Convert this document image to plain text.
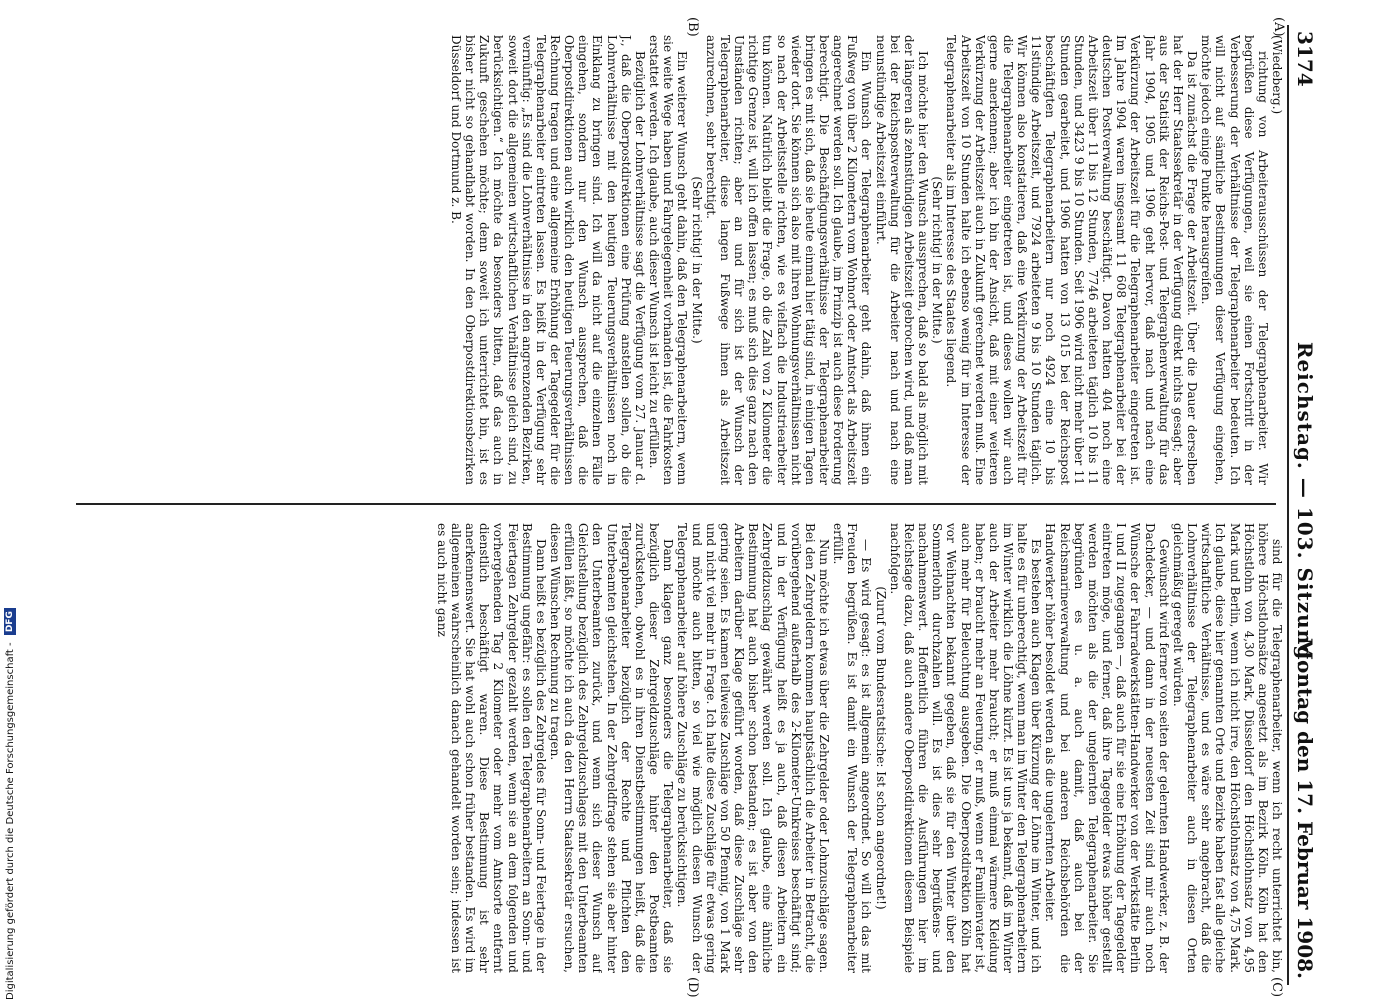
3174
Reichstag. — 103. Sitzung.
Montag den 17. Februar 1908.
(A)
(B)
(C)
(D)

(Wiedeberg.)

richtung von Arbeiterausschüssen der Telegraphenarbeiter. Wir begrüßen diese Verfügungen, weil sie einen Fortschritt in der Verbesserung der Verhältnisse der Telegraphenarbeiter bedeuten. Ich will nicht auf sämtliche Bestimmungen dieser Verfügung eingehen, möchte jedoch einige Punkte herausgreifen.

Da ist zunächst die Frage der Arbeitszeit. Über die Dauer derselben hat der Herr Staatssekretär in der Verfügung direkt nichts gesagt; aber aus der Statistik der Reichs-Post- und Telegraphenverwaltung für das Jahr 1904, 1905 und 1906 geht hervor, daß nach und nach eine Verkürzung der Arbeitszeit für die Telegraphenarbeiter eingetreten ist. Im Jahre 1904 waren insgesamt 11 608 Telegraphenarbeiter bei der deutschen Postverwaltung beschäftigt. Davon hatten 404 noch eine Arbeitszeit über 11 bis 12 Stunden, 7746 arbeiteten täglich 10 bis 11 Stunden, und 3423 9 bis 10 Stunden. Seit 1906 wird nicht mehr über 11 Stunden gearbeitet, und 1906 hatten von 13 015 bei der Reichspost beschäftigten Telegraphenarbeitern nur noch 4924 eine 10 bis 11stündige Arbeitszeit, und 7924 arbeiteten 9 bis 10 Stunden täglich. Wir können also konstatieren, daß eine Verkürzung der Arbeitszeit für die Telegraphenarbeiter eingetreten ist, und dieses wollen wir auch gerne anerkennen; aber ich bin der Ansicht, daß mit einer weiteren Verkürzung der Arbeitszeit auch in Zukunft gerechnet werden muß. Eine Arbeitszeit von 10 Stunden halte ich ebenso wenig für im Interesse der Telegraphenarbeiter als im Interesse des Staates liegend.

(Sehr richtig! in der Mitte.)

Ich möchte hier den Wunsch aussprechen, daß so bald als möglich mit der längeren als zehnstündigen Arbeitszeit gebrochen wird, und daß man bei der Reichspostverwaltung für die Arbeiter nach und nach eine neunstündige Arbeitszeit einführt.

Ein Wunsch der Telegraphenarbeiter geht dahin, daß ihnen ein Fußweg von über 2 Kilometern vom Wohnort oder Amtsort als Arbeitszeit angerechnet werden soll. Ich glaube, im Prinzip ist auch diese Forderung berechtigt. Die Beschäftigungsverhältnisse der Telegraphenarbeiter bringen es mit sich, daß sie heute einmal hier tätig sind, in einigen Tagen wieder dort. Sie können sich also mit ihren Wohnungsverhältnissen nicht so nach der Arbeitsstelle richten, wie es vielfach die Industriearbeiter tun können. Natürlich bleibt die Frage, ob die Zahl von 2 Kilometer die richtige Grenze ist, will ich offen lassen; es muß sich dies ganz nach den Umständen richten; aber an und für sich ist der Wunsch der Telegraphenarbeiter, diese langen Fußwege ihnen als Arbeitszeit anzurechnen, sehr berechtigt.

(Sehr richtig! in der Mitte.)

Ein weiterer Wunsch geht dahin, daß den Telegraphenarbeitern, wenn sie weite Wege haben und Fahrgelegenheit vorhanden ist, die Fahrkosten erstattet werden. Ich glaube, auch dieser Wunsch ist leicht zu erfüllen.

Bezüglich der Lohnverhältnisse sagt die Verfügung vom 27. Januar d. J., daß die Oberpostdirektionen eine Prüfung anstellen sollen, ob die Lohnverhältnisse mit den heutigen Teuerungsverhältnissen noch in Einklang zu bringen sind. Ich will da nicht auf die einzelnen Fälle eingehen, sondern nur den Wunsch aussprechen, daß die Oberpostdirektionen auch wirklich den heutigen Teuerungsverhältnissen Rechnung tragen und eine allgemeine Erhöhung der Tagegelder für die Telegraphenarbeiter eintreten lassen. Es heißt in der Verfügung sehr vernünftig: „Es sind die Lohnverhältnisse in den angrenzenden Bezirken, soweit dort die allgemeinen wirtschaftlichen Verhältnisse gleich sind, zu berücksichtigen.“ Ich möchte da besonders bitten, daß das auch in Zukunft geschehen möchte; denn soweit ich unterrichtet bin, ist es bisher nicht so gehandhabt worden. In den Oberpostdirektionsbezirken Düsseldorf und Dortmund z. B.

sind für die Telegraphenarbeiter, wenn ich recht unterrichtet bin, höhere Höchstlohnsätze angesetzt als im Bezirk Köln. Köln hat den Höchstlohn von 4,30 Mark, Düsseldorf den Höchstlohnsatz von 4,95 Mark und Berlin, wenn ich nicht irre, den Höchstlohnsatz von 4,75 Mark. Ich glaube, diese hier genannten Orte und Bezirke haben fast alle gleiche wirtschaftliche Verhältnisse, und es wäre sehr angebracht, daß die Lohnverhältnisse der Telegraphenarbeiter auch in diesen Orten gleichmäßig geregelt würden.

Gewünscht wird ferner von seiten der gelernten Handwerker, z. B. der Dachdecker, — und dann in der neuesten Zeit sind mir auch noch Wünsche der Fahrradwerkstätten-Handwerker von der Werkstätte Berlin I und II zugegangen —, daß auch für sie eine Erhöhung der Tagegelder eintreten möge, und ferner, daß ihre Tagegelder etwas höher gestellt werden möchten als die der ungelernten Telegraphenarbeiter. Sie begründen es u. a. auch damit, daß auch bei der Reichsmarineverwaltung und bei anderen Reichsbehörden die Handwerker höher besoldet werden als die ungelernten Arbeiter.

Es bestehen auch Klagen über Kürzung der Löhne im Winter, und ich halte es für unberechtigt, wenn man im Winter den Telegraphenarbeitern im Winter wirklich die Löhne kürzt. Es ist uns ja bekannt, daß im Winter auch der Arbeiter mehr braucht; er muß einmal wärmere Kleidung haben; er braucht mehr an Feuerung, er muß, wenn er Familienvater ist, auch mehr für Beleuchtung ausgeben. Die Oberpostdirektion Köln hat vor Weihnachten bekannt gegeben, daß sie für den Winter über den Sommerlohn durchzahlen will. Es ist dies sehr begrüßens- und nachahmenswert. Hoffentlich führen die Ausführungen hier im Reichstage dazu, daß auch andere Oberpostdirektionen diesem Beispiele nachfolgen.

(Zuruf vom Bundesratstische: Ist schon angeordnet!)

— Es wird gesagt: es ist allgemein angeordnet. So will ich das mit Freuden begrüßen. Es ist damit ein Wunsch der Telegraphenarbeiter erfüllt.

Nun möchte ich etwas über die Zehrgelder oder Lohnzuschläge sagen. Bei den Zehrgeldern kommen hauptsächlich die Arbeiter in Betracht, die vorübergehend außerhalb des 2-Kilometer-Umkreises beschäftigt sind; und in der Verfügung heißt es ja auch, daß diesen Arbeitern ein Zehrgeldzuschlag gewährt werden soll. Ich glaube, eine ähnliche Bestimmung hat auch bisher schon bestanden; es ist aber von den Arbeitern darüber Klage geführt worden, daß diese Zuschläge sehr gering seien. Es kamen teilweise Zuschläge von 50 Pfennig, von 1 Mark und nicht viel mehr in Frage. Ich halte diese Zuschläge für etwas gering und möchte auch bitten, so viel wie möglich diesen Wunsch der Telegraphenarbeiter auf höhere Zuschläge zu berücksichtigen.

Dann klagen ganz besonders die Telegraphenarbeiter, daß sie bezüglich dieser Zehrgeldzuschläge hinter den Postbeamten zurückstehen, obwohl es in ihren Dienstbestimmungen heißt, daß die Telegraphenarbeiter bezüglich der Rechte und Pflichten den Unterbeamten gleichstehen. In der Zehrgeldfrage stehen sie aber hinter den Unterbeamten zurück, und wenn sich dieser Wunsch auf Gleichstellung bezüglich des Zehrgeldzuschlages mit den Unterbeamten erfüllen läßt, so möchte ich auch da den Herrn Staatssekretär ersuchen, diesen Wünschen Rechnung zu tragen.

Dann heißt es bezüglich des Zehrgeldes für Sonn- und Feiertage in der Bestimmung ungefähr: es sollen den Telegraphenarbeitern an Sonn- und Feiertagen Zehrgelder gezahlt werden, wenn sie an dem folgenden und vorhergehenden Tag 2 Kilometer oder mehr vom Amtsorte entfernt dienstlich beschäftigt waren. Diese Bestimmung ist sehr anerkennenswert. Sie hat wohl auch schon früher bestanden. Es wird im allgemeinen wahrscheinlich danach gehandelt worden sein; indessen ist es auch nicht ganz

Digitalisierung gefördert durch die Deutsche Forschungsgemeinschaft - DFG
